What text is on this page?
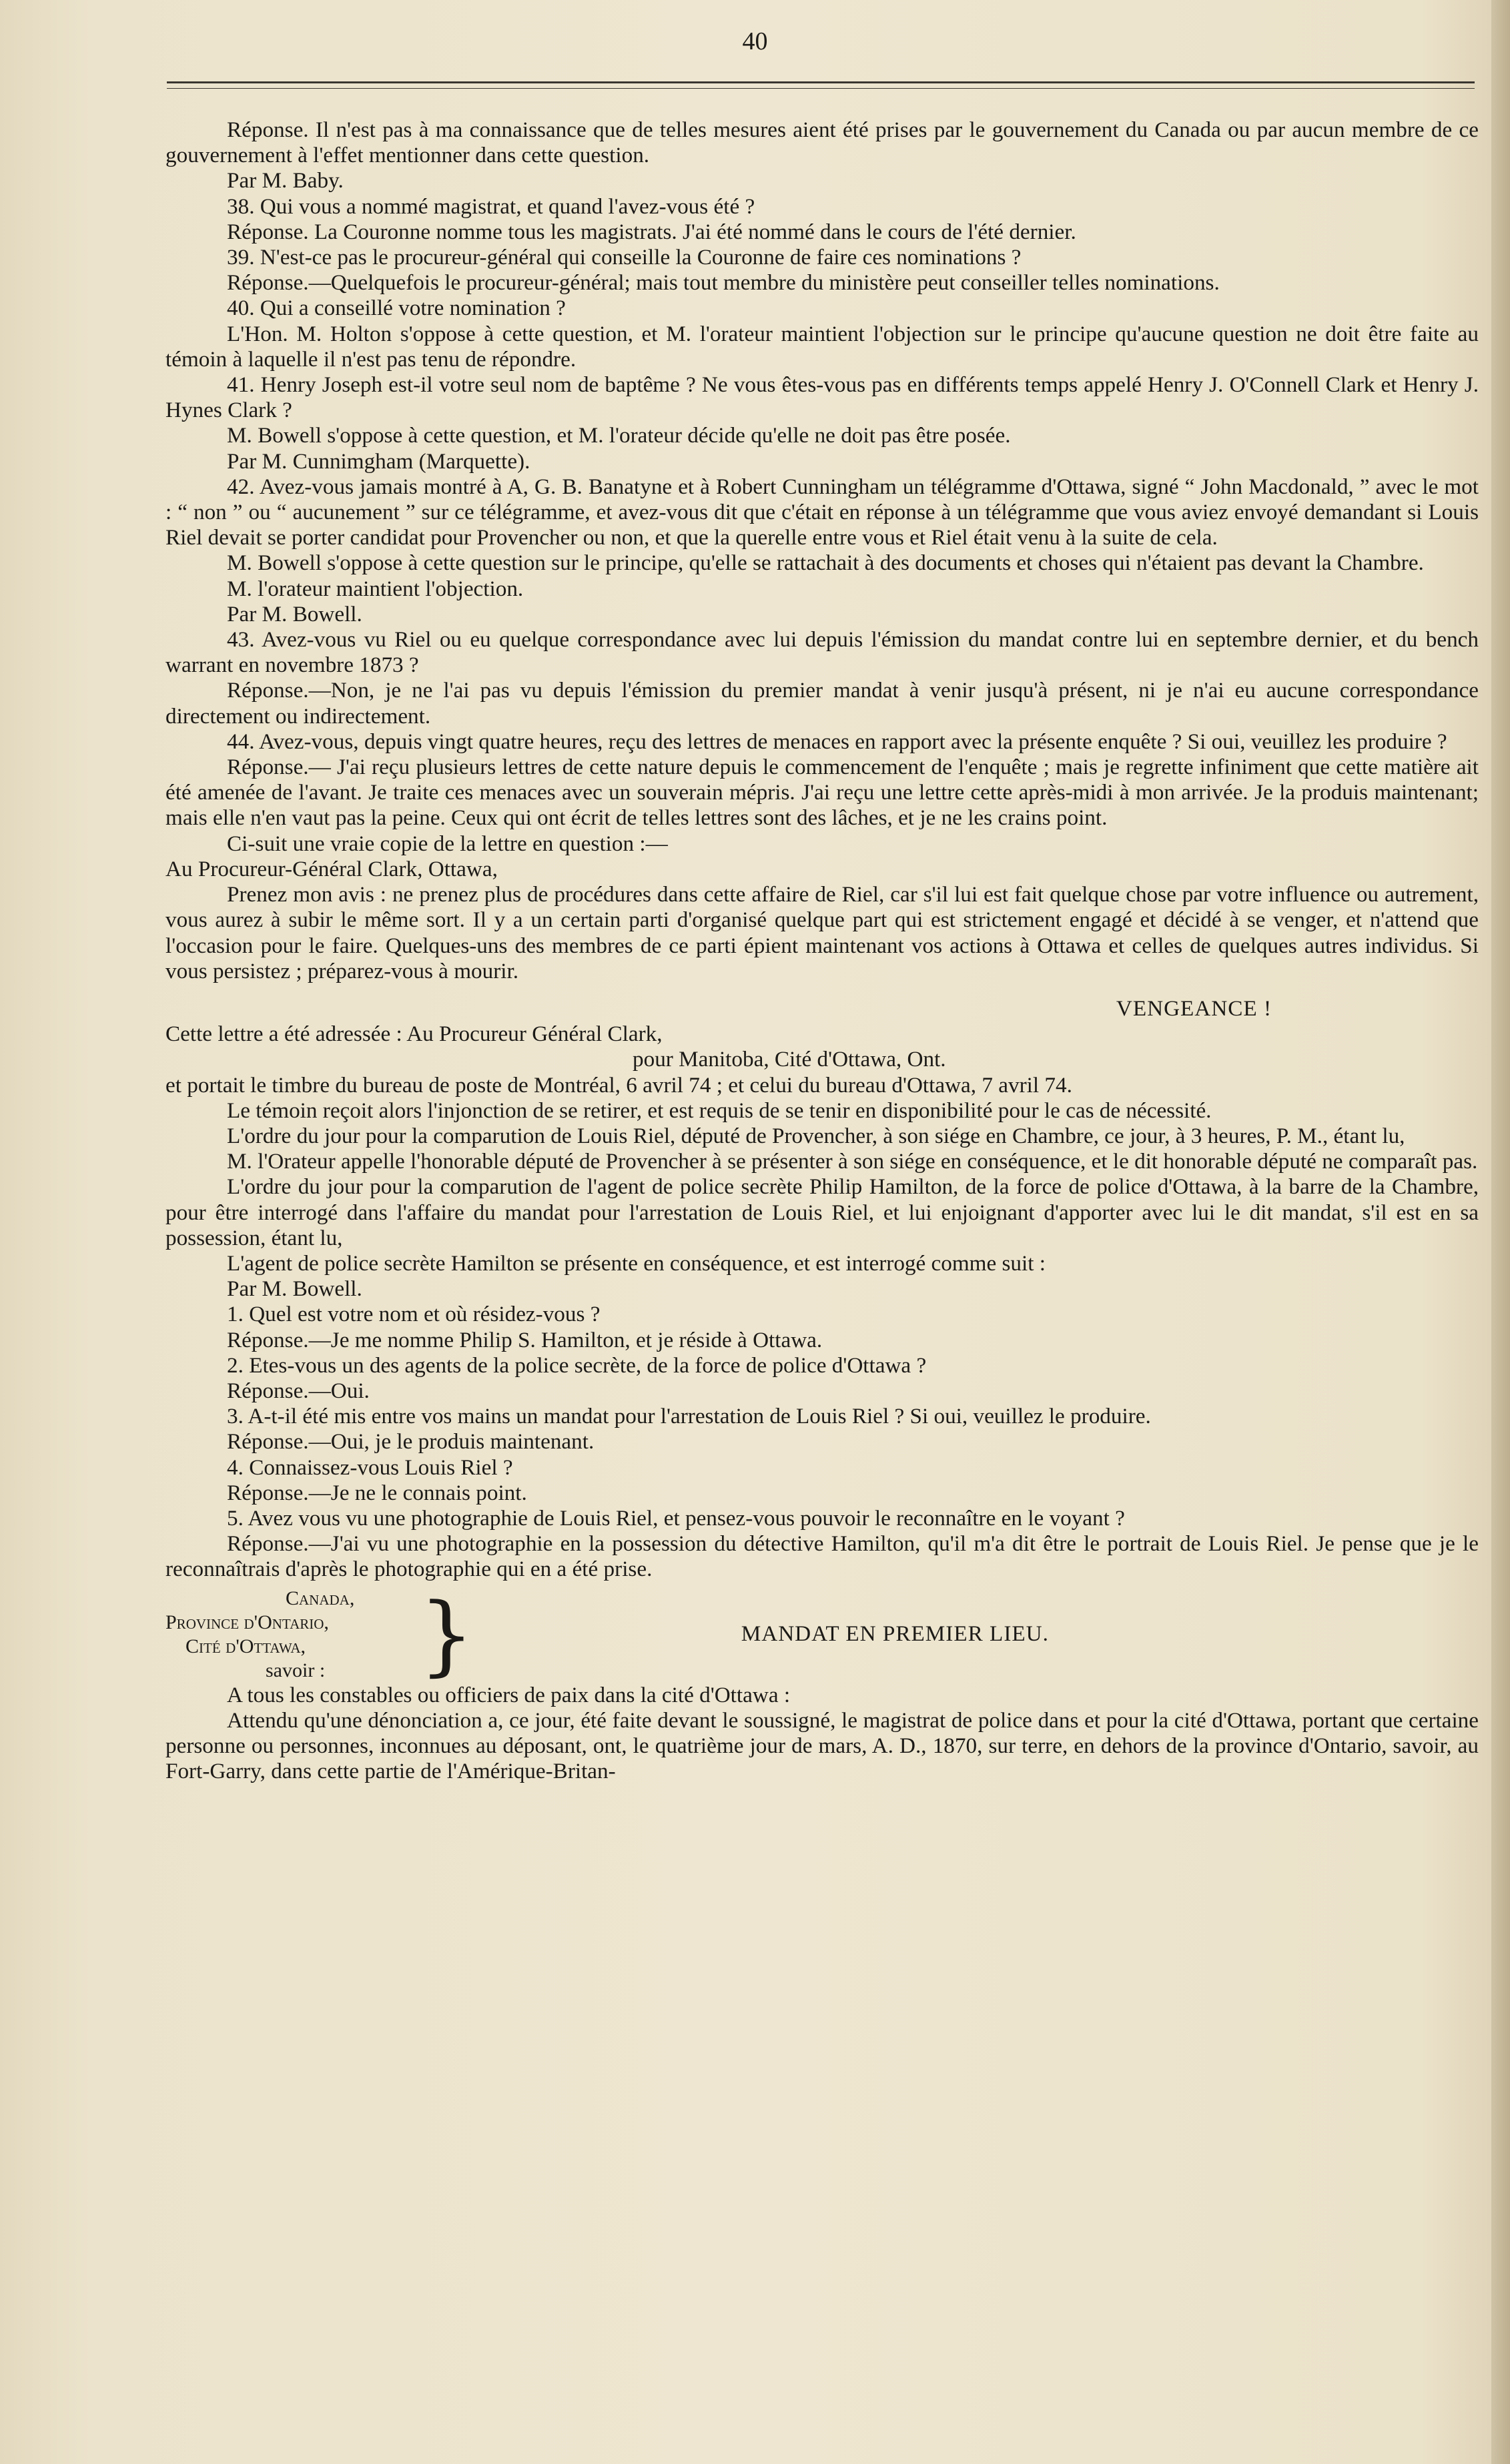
40

Réponse. Il n'est pas à ma connaissance que de telles mesures aient été prises par le gouvernement du Canada ou par aucun membre de ce gouvernement à l'effet mentionner dans cette question.

Par M. Baby.

38. Qui vous a nommé magistrat, et quand l'avez-vous été ?

Réponse. La Couronne nomme tous les magistrats. J'ai été nommé dans le cours de l'été dernier.

39. N'est-ce pas le procureur-général qui conseille la Couronne de faire ces nominations ?

Réponse.—Quelquefois le procureur-général; mais tout membre du ministère peut conseiller telles nominations.

40. Qui a conseillé votre nomination ?

L'Hon. M. Holton s'oppose à cette question, et M. l'orateur maintient l'objection sur le principe qu'aucune question ne doit être faite au témoin à laquelle il n'est pas tenu de répondre.

41. Henry Joseph est-il votre seul nom de baptême ? Ne vous êtes-vous pas en différents temps appelé Henry J. O'Connell Clark et Henry J. Hynes Clark ?

M. Bowell s'oppose à cette question, et M. l'orateur décide qu'elle ne doit pas être posée.

Par M. Cunnimgham (Marquette).

42. Avez-vous jamais montré à A, G. B. Banatyne et à Robert Cunningham un télégramme d'Ottawa, signé “ John Macdonald, ” avec le mot : “ non ” ou “ aucunement ” sur ce télégramme, et avez-vous dit que c'était en réponse à un télégramme que vous aviez envoyé demandant si Louis Riel devait se porter candidat pour Provencher ou non, et que la querelle entre vous et Riel était venu à la suite de cela.

M. Bowell s'oppose à cette question sur le principe, qu'elle se rattachait à des documents et choses qui n'étaient pas devant la Chambre.

M. l'orateur maintient l'objection.

Par M. Bowell.

43. Avez-vous vu Riel ou eu quelque correspondance avec lui depuis l'émission du mandat contre lui en septembre dernier, et du bench warrant en novembre 1873 ?

Réponse.—Non, je ne l'ai pas vu depuis l'émission du premier mandat à venir jusqu'à présent, ni je n'ai eu aucune correspondance directement ou indirectement.

44. Avez-vous, depuis vingt quatre heures, reçu des lettres de menaces en rapport avec la présente enquête ? Si oui, veuillez les produire ?

Réponse.— J'ai reçu plusieurs lettres de cette nature depuis le commencement de l'enquête ; mais je regrette infiniment que cette matière ait été amenée de l'avant. Je traite ces menaces avec un souverain mépris. J'ai reçu une lettre cette après-midi à mon arrivée. Je la produis maintenant; mais elle n'en vaut pas la peine. Ceux qui ont écrit de telles lettres sont des lâches, et je ne les crains point.

Ci-suit une vraie copie de la lettre en question :—

Au Procureur-Général Clark, Ottawa,

Prenez mon avis : ne prenez plus de procédures dans cette affaire de Riel, car s'il lui est fait quelque chose par votre influence ou autrement, vous aurez à subir le même sort. Il y a un certain parti d'organisé quelque part qui est strictement engagé et décidé à se venger, et n'attend que l'occasion pour le faire. Quelques-uns des membres de ce parti épient maintenant vos actions à Ottawa et celles de quelques autres individus. Si vous persistez ; préparez-vous à mourir.

VENGEANCE !

Cette lettre a été adressée : Au Procureur Général Clark,

pour Manitoba, Cité d'Ottawa, Ont.

et portait le timbre du bureau de poste de Montréal, 6 avril 74 ; et celui du bureau d'Ottawa, 7 avril 74.

Le témoin reçoit alors l'injonction de se retirer, et est requis de se tenir en disponibilité pour le cas de nécessité.

L'ordre du jour pour la comparution de Louis Riel, député de Provencher, à son siége en Chambre, ce jour, à 3 heures, P. M., étant lu,

M. l'Orateur appelle l'honorable député de Provencher à se présenter à son siége en conséquence, et le dit honorable député ne comparaît pas.

L'ordre du jour pour la comparution de l'agent de police secrète Philip Hamilton, de la force de police d'Ottawa, à la barre de la Chambre, pour être interrogé dans l'affaire du mandat pour l'arrestation de Louis Riel, et lui enjoignant d'apporter avec lui le dit mandat, s'il est en sa possession, étant lu,

L'agent de police secrète Hamilton se présente en conséquence, et est interrogé comme suit :

Par M. Bowell.

1. Quel est votre nom et où résidez-vous ?

Réponse.—Je me nomme Philip S. Hamilton, et je réside à Ottawa.

2. Etes-vous un des agents de la police secrète, de la force de police d'Ottawa ?

Réponse.—Oui.

3. A-t-il été mis entre vos mains un mandat pour l'arrestation de Louis Riel ? Si oui, veuillez le produire.

Réponse.—Oui, je le produis maintenant.

4. Connaissez-vous Louis Riel ?

Réponse.—Je ne le connais point.

5. Avez vous vu une photographie de Louis Riel, et pensez-vous pouvoir le reconnaître en le voyant ?

Réponse.—J'ai vu une photographie en la possession du détective Hamilton, qu'il m'a dit être le portrait de Louis Riel. Je pense que je le reconnaîtrais d'après le photographie qui en a été prise.

Canada,
Province d'Ontario,
Cité d'Ottawa,
savoir :	}	MANDAT EN PREMIER LIEU.

A tous les constables ou officiers de paix dans la cité d'Ottawa :

Attendu qu'une dénonciation a, ce jour, été faite devant le soussigné, le magistrat de police dans et pour la cité d'Ottawa, portant que certaine personne ou personnes, inconnues au déposant, ont, le quatrième jour de mars, A. D., 1870, sur terre, en dehors de la province d'Ontario, savoir, au Fort-Garry, dans cette partie de l'Amérique-Britan-
